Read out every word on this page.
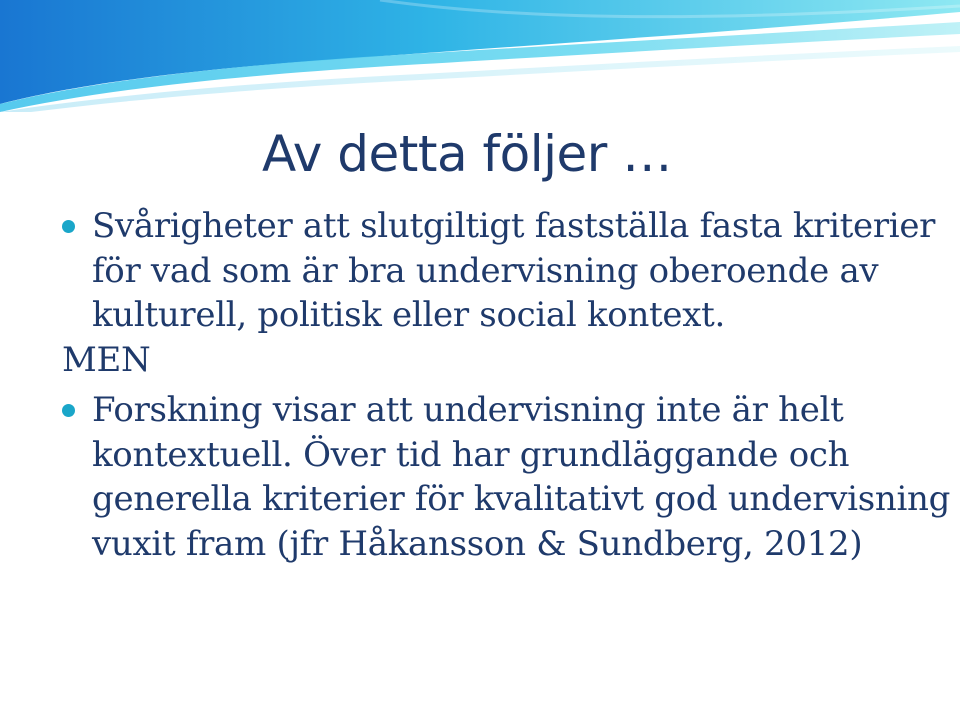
Av detta följer …
Svårigheter att slutgiltigt fastställa fasta kriterier för vad som är bra undervisning oberoende av kulturell, politisk eller social kontext.
MEN
Forskning visar att undervisning inte är helt kontextuell. Över tid har grundläggande och generella kriterier för kvalitativt god undervisning vuxit fram (jfr Håkansson & Sundberg, 2012)
